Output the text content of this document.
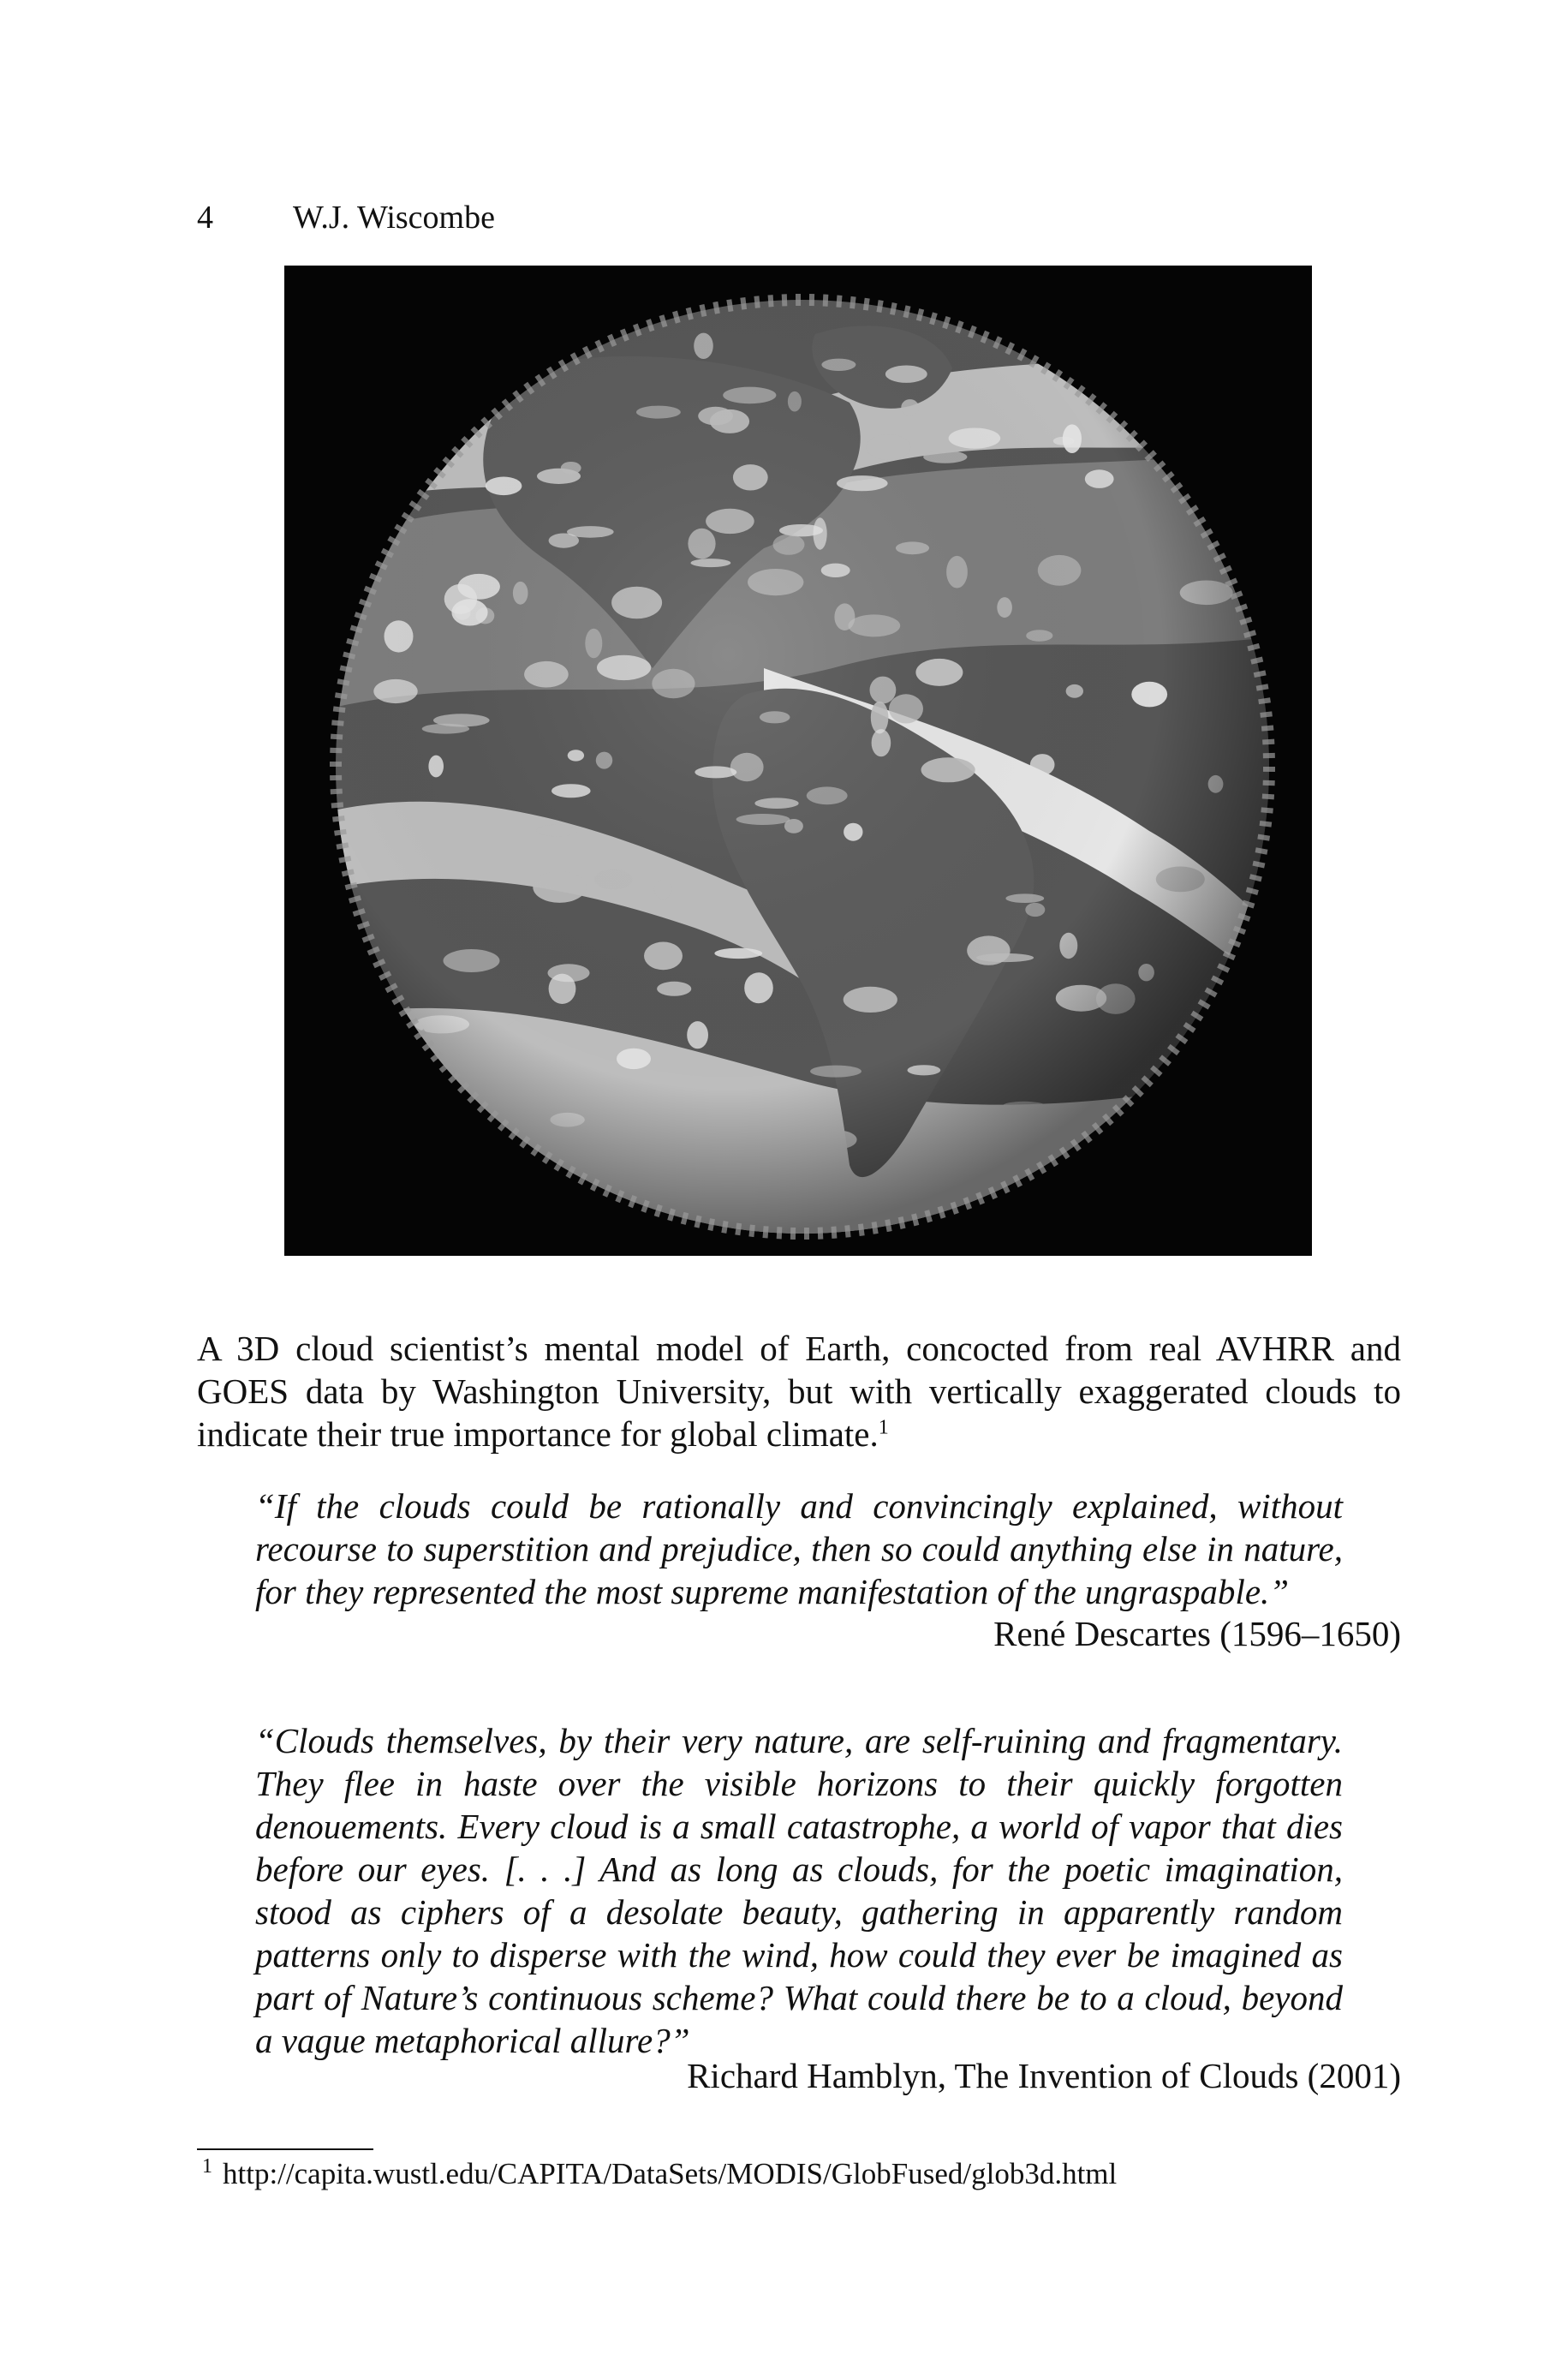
4 W.J. Wiscombe

A 3D cloud scientist’s mental model of Earth, concocted from real AVHRR and GOES data by Washington University, but with vertically exaggerated clouds to indicate their true importance for global climate.$^1$

“If the clouds could be rationally and convincingly explained, without recourse to superstition and prejudice, then so could anything else in nature, for they represented the most supreme manifestation of the ungraspable.”

René Descartes (1596–1650)

“Clouds themselves, by their very nature, are self-ruining and fragmentary. They flee in haste over the visible horizons to their quickly forgotten denouements. Every cloud is a small catastrophe, a world of vapor that dies before our eyes. [. . .] And as long as clouds, for the poetic imagination, stood as ciphers of a desolate beauty, gathering in apparently random patterns only to disperse with the wind, how could they ever be imagined as part of Nature’s continuous scheme? What could there be to a cloud, beyond a vague metaphorical allure?”

Richard Hamblyn, The Invention of Clouds (2001)
$^1$ http://capita.wustl.edu/CAPITA/DataSets/MODIS/GlobFused/glob3d.html
